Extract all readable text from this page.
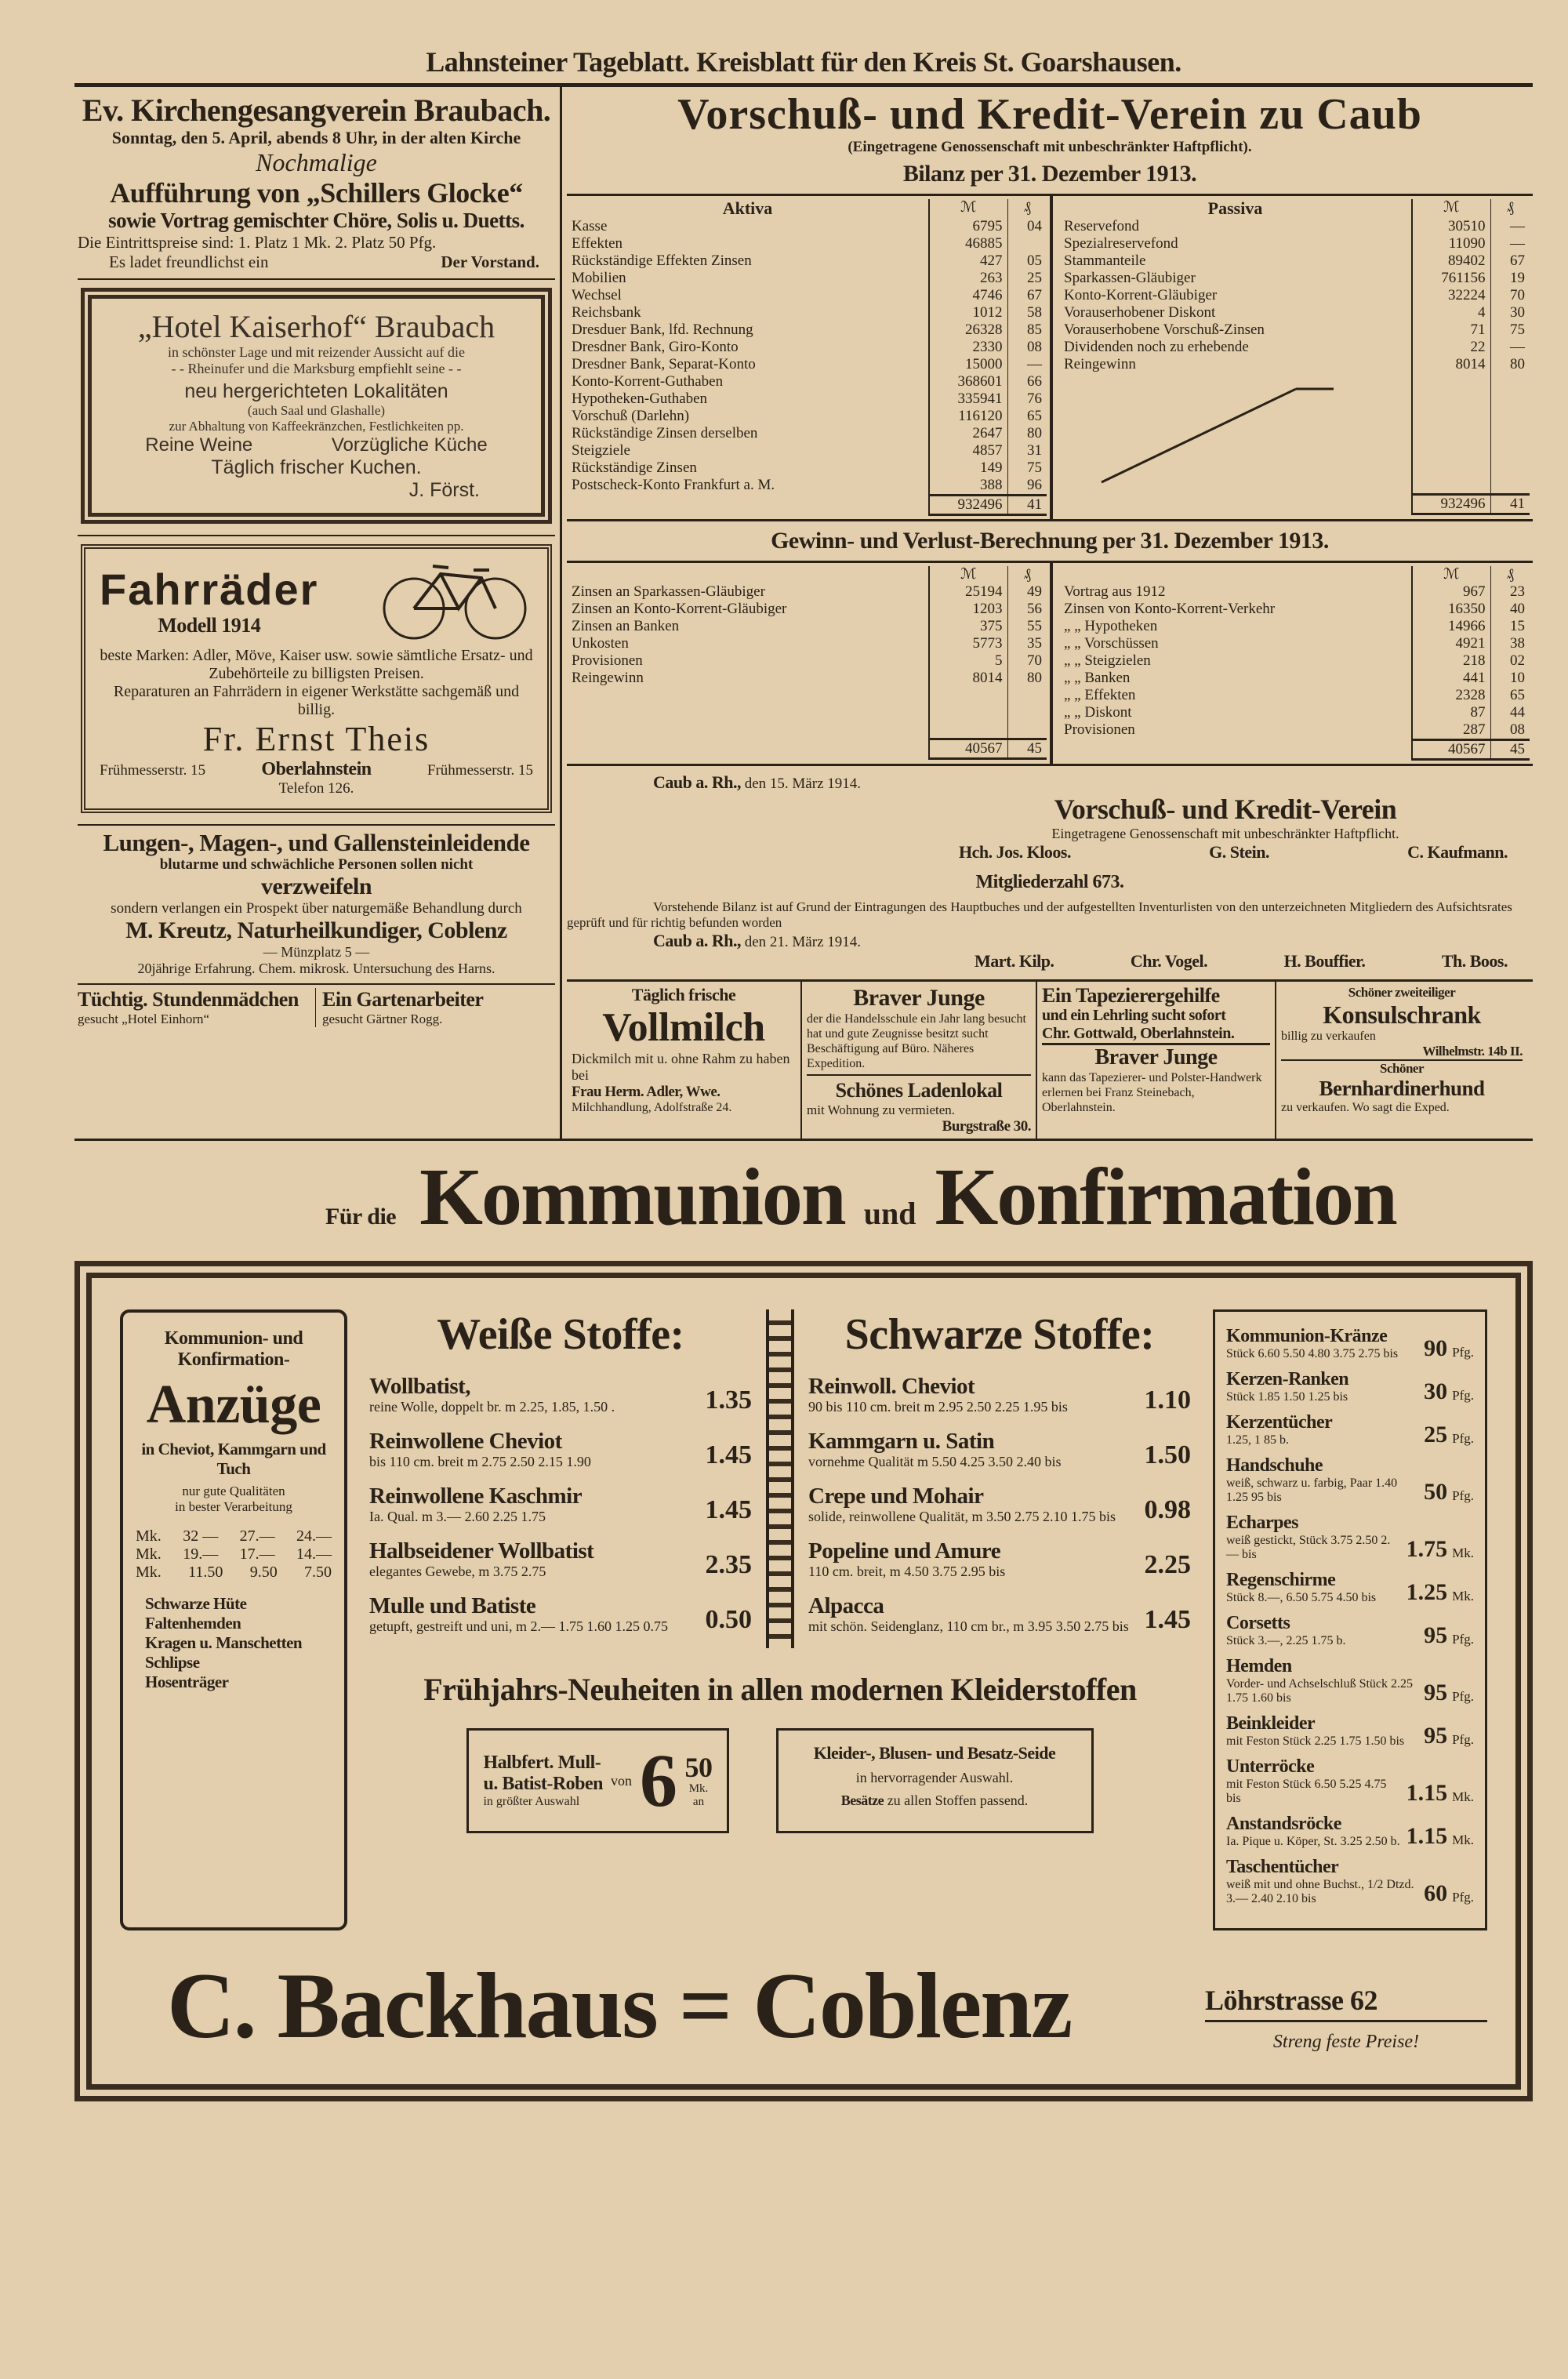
Lahnsteiner Tageblatt. Kreisblatt für den Kreis St. Goarshausen.
Ev. Kirchengesangverein Braubach.
Sonntag, den 5. April, abends 8 Uhr, in der alten Kirche
Nochmalige
Aufführung von „Schillers Glocke“
sowie Vortrag gemischter Chöre, Solis u. Duetts.
Die Eintrittspreise sind: 1. Platz 1 Mk. 2. Platz 50 Pfg.
Es ladet freundlichst ein	Der Vorstand.
„Hotel Kaiserhof“ Braubach
in schönster Lage und mit reizender Aussicht auf die
- - Rheinufer und die Marksburg empfiehlt seine - -
neu hergerichteten Lokalitäten
(auch Saal und Glashalle)
zur Abhaltung von Kaffeekränzchen, Festlichkeiten pp.
Reine Weine	Vorzügliche Küche
Täglich frischer Kuchen.
J. Först.
Fahrräder
Modell 1914
beste Marken: Adler, Möve, Kaiser usw. sowie sämtliche Ersatz- und Zubehörteile zu billigsten Preisen.
Reparaturen an Fahrrädern in eigener Werkstätte sachgemäß und billig.
Fr. Ernst Theis
Frühmesserstr. 15	Oberlahnstein	Frühmesserstr. 15
Telefon 126.
Lungen-, Magen-, und Gallensteinleidende
blutarme und schwächliche Personen sollen nicht
verzweifeln
sondern verlangen ein Prospekt über naturgemäße Behandlung durch
M. Kreutz, Naturheilkundiger, Coblenz
— Münzplatz 5 —
20jährige Erfahrung. Chem. mikrosk. Untersuchung des Harns.
Tüchtig. Stundenmädchen
gesucht „Hotel Einhorn“
Ein Gartenarbeiter
gesucht Gärtner Rogg.
Vorschuß- und Kredit-Verein zu Caub
(Eingetragene Genossenschaft mit unbeschränkter Haftpflicht).
Bilanz per 31. Dezember 1913.
Aktiva	ℳ	₰
Kasse	6795	04
Effekten	46885	
Rückständige Effekten Zinsen	427	05
Mobilien	263	25
Wechsel	4746	67
Reichsbank	1012	58
Dresduer Bank, lfd. Rechnung	26328	85
Dresdner Bank, Giro-Konto	2330	08
Dresdner Bank, Separat-Konto	15000	—
Konto-Korrent-Guthaben	368601	66
Hypotheken-Guthaben	335941	76
Vorschuß (Darlehn)	116120	65
Rückständige Zinsen derselben	2647	80
Steigziele	4857	31
Rückständige Zinsen	149	75
Postscheck-Konto Frankfurt a. M.	388	96
	932496	41
Passiva	ℳ	₰
Reservefond	30510	—
Spezialreservefond	11090	—
Stammanteile	89402	67
Sparkassen-Gläubiger	761156	19
Konto-Korrent-Gläubiger	32224	70
Vorauserhobener Diskont	4	30
Vorauserhobene Vorschuß-Zinsen	71	75
Dividenden noch zu erhebende	22	—
Reingewinn	8014	80

	932496	41
Gewinn- und Verlust-Berechnung per 31. Dezember 1913.
	ℳ	₰
Zinsen an Sparkassen-Gläubiger	25194	49
Zinsen an Konto-Korrent-Gläubiger	1203	56
Zinsen an Banken	375	55
Unkosten	5773	35
Provisionen	5	70
Reingewinn	8014	80

	40567	45
	ℳ	₰
Vortrag aus 1912	967	23
Zinsen von Konto-Korrent-Verkehr	16350	40
„ „ Hypotheken	14966	15
„ „ Vorschüssen	4921	38
„ „ Steigzielen	218	02
„ „ Banken	441	10
„ „ Effekten	2328	65
„ „ Diskont	87	44
Provisionen	287	08
	40567	45
Caub a. Rh., den 15. März 1914.
Vorschuß- und Kredit-Verein
Eingetragene Genossenschaft mit unbeschränkter Haftpflicht.
Hch. Jos. Kloos.	G. Stein.	C. Kaufmann.
Mitgliederzahl 673.
Vorstehende Bilanz ist auf Grund der Eintragungen des Hauptbuches und der aufgestellten Inventurlisten von den unterzeichneten Mitgliedern des Aufsichtsrates geprüft und für richtig befunden worden
Caub a. Rh., den 21. März 1914.
Mart. Kilp.	Chr. Vogel.	H. Bouffier.	Th. Boos.
Täglich frische
Vollmilch
Dickmilch mit u. ohne Rahm zu haben bei
Frau Herm. Adler, Wwe.
Milchhandlung, Adolfstraße 24.
Braver Junge
der die Handelsschule ein Jahr lang besucht hat und gute Zeugnisse besitzt sucht Beschäftigung auf Büro. Näheres Expedition.
Schönes Ladenlokal
mit Wohnung zu vermieten.
Burgstraße 30.
Ein Tapezierergehilfe
und ein Lehrling sucht sofort
Chr. Gottwald, Oberlahnstein.
Braver Junge
kann das Tapezierer- und Polster-Handwerk erlernen bei Franz Steinebach, Oberlahnstein.
Schöner zweiteiliger
Konsulschrank
billig zu verkaufen
Wilhelmstr. 14b II.
Schöner
Bernhardinerhund
zu verkaufen. Wo sagt die Exped.
Für die Kommunion und Konfirmation
Kommunion- und
Konfirmation-
Anzüge
in Cheviot, Kammgarn und Tuch
nur gute Qualitäten
in bester Verarbeitung
Mk. 32 — 27.— 24.—
Mk. 19.— 17.— 14.—
Mk. 11.50 9.50 7.50
Schwarze Hüte
Faltenhemden
Kragen u. Manschetten
Schlipse
Hosenträger
Weiße Stoffe:
Wollbatist,
reine Wolle, doppelt br. m 2.25, 1.85, 1.50 .	1.35
Reinwollene Cheviot
bis 110 cm. breit m 2.75 2.50 2.15 1.90	1.45
Reinwollene Kaschmir
Ia. Qual. m 3.— 2.60 2.25 1.75	1.45
Halbseidener Wollbatist
elegantes Gewebe, m 3.75 2.75	2.35
Mulle und Batiste
getupft, gestreift und uni, m 2.— 1.75 1.60 1.25 0.75	0.50
Schwarze Stoffe:
Reinwoll. Cheviot
90 bis 110 cm. breit m 2.95 2.50 2.25 1.95 bis	1.10
Kammgarn u. Satin
vornehme Qualität m 5.50 4.25 3.50 2.40 bis	1.50
Crepe und Mohair
solide, reinwollene Qualität, m 3.50 2.75 2.10 1.75 bis	0.98
Popeline und Amure
110 cm. breit, m 4.50 3.75 2.95 bis	2.25
Alpacca
mit schön. Seidenglanz, 110 cm br., m 3.95 3.50 2.75 bis 1.45
Frühjahrs-Neuheiten in allen modernen Kleiderstoffen
Halbfert. Mull-
u. Batist-Roben
in größter Auswahl
von 6 50
Mk.
an
Kleider-, Blusen- und Besatz-Seide
in hervorragender Auswahl.
Besätze zu allen Stoffen passend.
Kommunion-Kränze
Stück 6.60 5.50 4.80 3.75 2.75 bis	90 Pfg.
Kerzen-Ranken
Stück 1.85 1.50 1.25 bis	30 Pfg.
Kerzentücher
1.25, 1 85 b.	25 Pfg.
Handschuhe
weiß, schwarz u. farbig, Paar 1.40 1.25 95 bis	50 Pfg.
Echarpes
weiß gestickt, Stück 3.75 2.50 2.— bis	1.75 Mk.
Regenschirme
Stück 8.—, 6.50 5.75 4.50 bis	1.25 Mk.
Corsetts
Stück 3.—, 2.25 1.75 b.	95 Pfg.
Hemden
Vorder- und Achselschluß Stück 2.25 1.75 1.60 bis	95 Pfg.
Beinkleider
mit Feston Stück 2.25 1.75 1.50 bis 95 Pfg.
Unterröcke
mit Feston Stück 6.50 5.25 4.75 bis	1.15 Mk.
Anstandsröcke
Ia. Pique u. Köper, St. 3.25 2.50 b. 1.15 Mk.
Taschentücher
weiß mit und ohne Buchst., 1/2 Dtzd. 3.— 2.40 2.10 bis	60 Pfg.
C. Backhaus = Coblenz	Löhrstrasse 62
Streng feste Preise!
